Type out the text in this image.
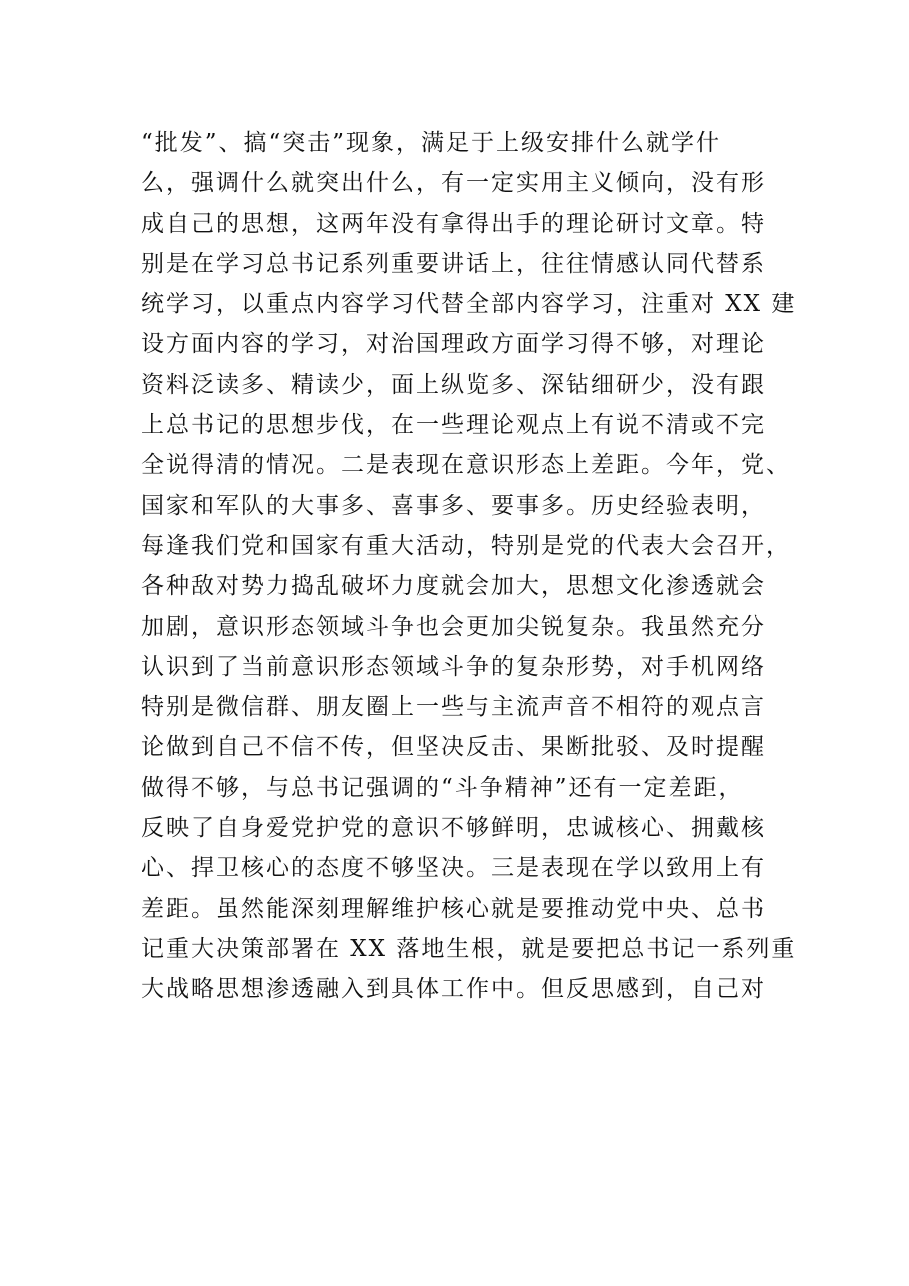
“批发”、搞“突击”现象，满足于上级安排什么就学什
么，强调什么就突出什么，有一定实用主义倾向，没有形
成自己的思想，这两年没有拿得出手的理论研讨文章。特
别是在学习总书记系列重要讲话上，往往情感认同代替系
统学习，以重点内容学习代替全部内容学习，注重对 XX 建
设方面内容的学习，对治国理政方面学习得不够，对理论
资料泛读多、精读少，面上纵览多、深钻细研少，没有跟
上总书记的思想步伐，在一些理论观点上有说不清或不完
全说得清的情况。二是表现在意识形态上差距。今年，党、
国家和军队的大事多、喜事多、要事多。历史经验表明，
每逢我们党和国家有重大活动，特别是党的代表大会召开，
各种敌对势力捣乱破坏力度就会加大，思想文化渗透就会
加剧，意识形态领域斗争也会更加尖锐复杂。我虽然充分
认识到了当前意识形态领域斗争的复杂形势，对手机网络
特别是微信群、朋友圈上一些与主流声音不相符的观点言
论做到自己不信不传，但坚决反击、果断批驳、及时提醒
做得不够，与总书记强调的“斗争精神”还有一定差距，
反映了自身爱党护党的意识不够鲜明，忠诚核心、拥戴核
心、捍卫核心的态度不够坚决。三是表现在学以致用上有
差距。虽然能深刻理解维护核心就是要推动党中央、总书
记重大决策部署在 XX 落地生根，就是要把总书记一系列重
大战略思想渗透融入到具体工作中。但反思感到，自己对
